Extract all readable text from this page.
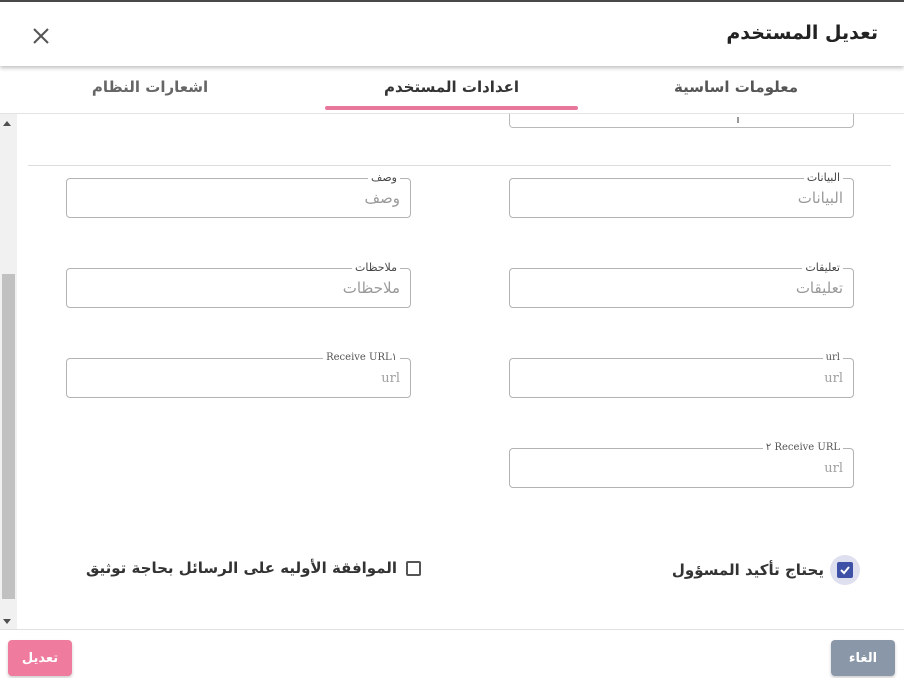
تعديل المستخدم
معلومات اساسية
اعدادات المستخدم
اشعارات النظام
البيانات
البيانات
وصف
وصف
تعليقات
تعليقات
ملاحظات
ملاحظات
url
url
Receive URL١
url
Receive URL ٢
url
يحتاج تأكيد المسؤول
الموافقة الأوليه على الرسائل بحاجة توثيق
تعديل	الغاء
